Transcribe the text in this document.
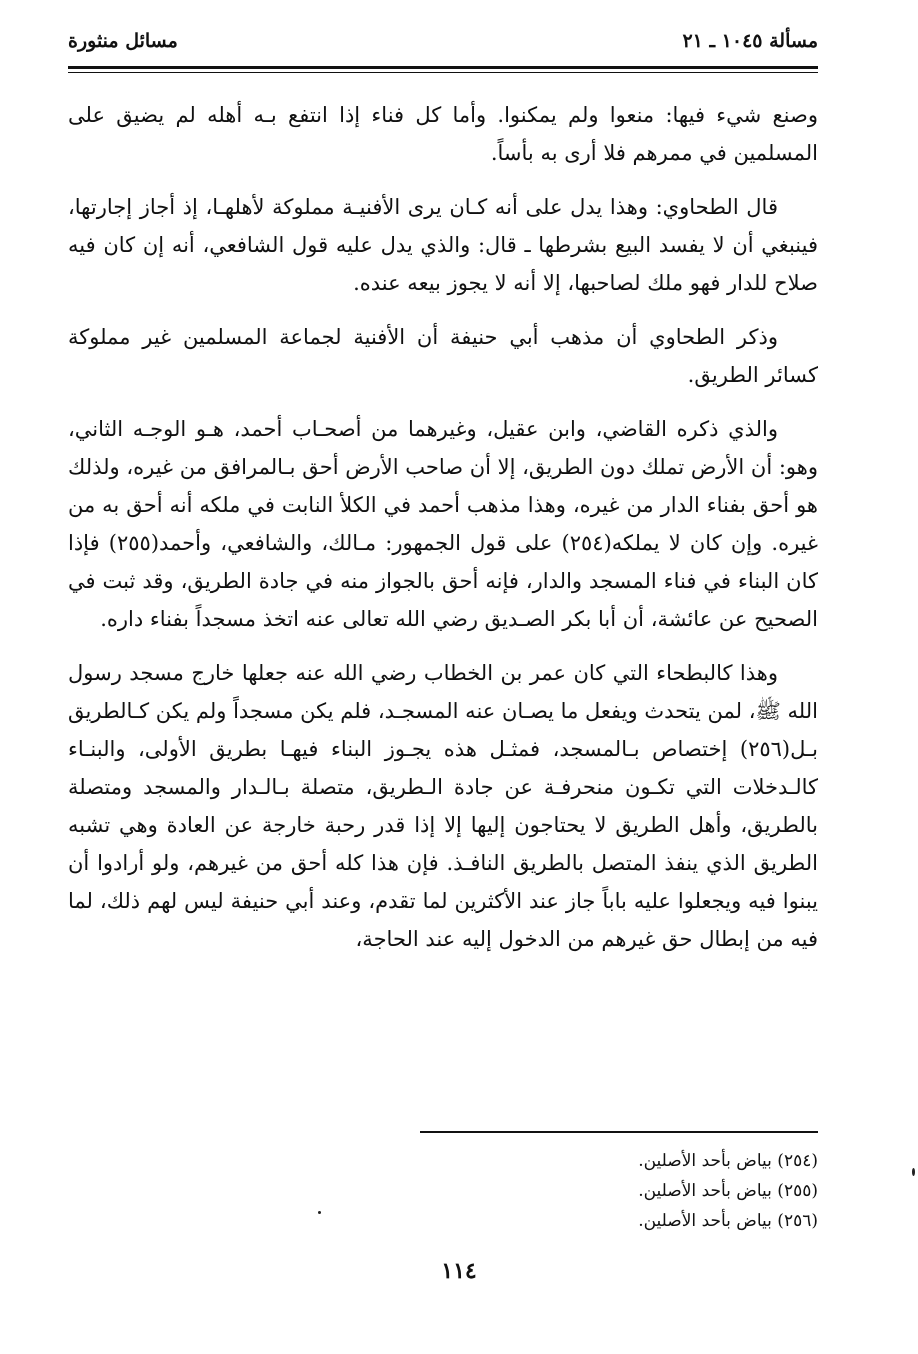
مسألة ١٠٤٥ ـ ٢١
مسائل منثورة

وصنع شيء فيها: منعوا ولم يمكنوا. وأما كل فناء إذا انتفع بـه أهله لم يضيق على المسلمين في ممرهم فلا أرى به بأساً.

قال الطحاوي: وهذا يدل على أنه كـان يرى الأفنيـة مملوكة لأهلهـا، إذ أجاز إجارتها، فينبغي أن لا يفسد البيع بشرطها ـ قال: والذي يدل عليه قول الشافعي، أنه إن كان فيه صلاح للدار فهو ملك لصاحبها، إلا أنه لا يجوز بيعه عنده.

وذكر الطحاوي أن مذهب أبي حنيفة أن الأفنية لجماعة المسلمين غير مملوكة كسائر الطريق.

والذي ذكره القاضي، وابن عقيل، وغيرهما من أصحـاب أحمد، هـو الوجـه الثاني، وهو: أن الأرض تملك دون الطريق، إلا أن صاحب الأرض أحق بـالمرافق من غيره، ولذلك هو أحق بفناء الدار من غيره، وهذا مذهب أحمد في الكلأ النابت في ملكه أنه أحق به من غيره. وإن كان لا يملكه(٢٥٤) على قول الجمهور: مـالك، والشافعي، وأحمد(٢٥٥) فإذا كان البناء في فناء المسجد والدار، فإنه أحق بالجواز منه في جادة الطريق، وقد ثبت في الصحيح عن عائشة، أن أبا بكر الصـديق رضي الله تعالى عنه اتخذ مسجداً بفناء داره.

وهذا كالبطحاء التي كان عمر بن الخطاب رضي الله عنه جعلها خارج مسجد رسول الله ﷺ، لمن يتحدث ويفعل ما يصـان عنه المسجـد، فلم يكن مسجداً ولم يكن كـالطريق بـل(٢٥٦) إختصاص بـالمسجد، فمثـل هذه يجـوز البناء فيهـا بطريق الأولى، والبنـاء كالـدخلات التي تكـون منحرفـة عن جادة الـطريق، متصلة بـالـدار والمسجد ومتصلة بالطريق، وأهل الطريق لا يحتاجون إليها إلا إذا قدر رحبة خارجة عن العادة وهي تشبه الطريق الذي ينفذ المتصل بالطريق النافـذ. فإن هذا كله أحق من غيرهم، ولو أرادوا أن يبنوا فيه ويجعلوا عليه باباً جاز عند الأكثرين لما تقدم، وعند أبي حنيفة ليس لهم ذلك، لما فيه من إبطال حق غيرهم من الدخول إليه عند الحاجة،

(٢٥٤) بياض بأحد الأصلين.
(٢٥٥) بياض بأحد الأصلين.
(٢٥٦) بياض بأحد الأصلين.
١١٤
